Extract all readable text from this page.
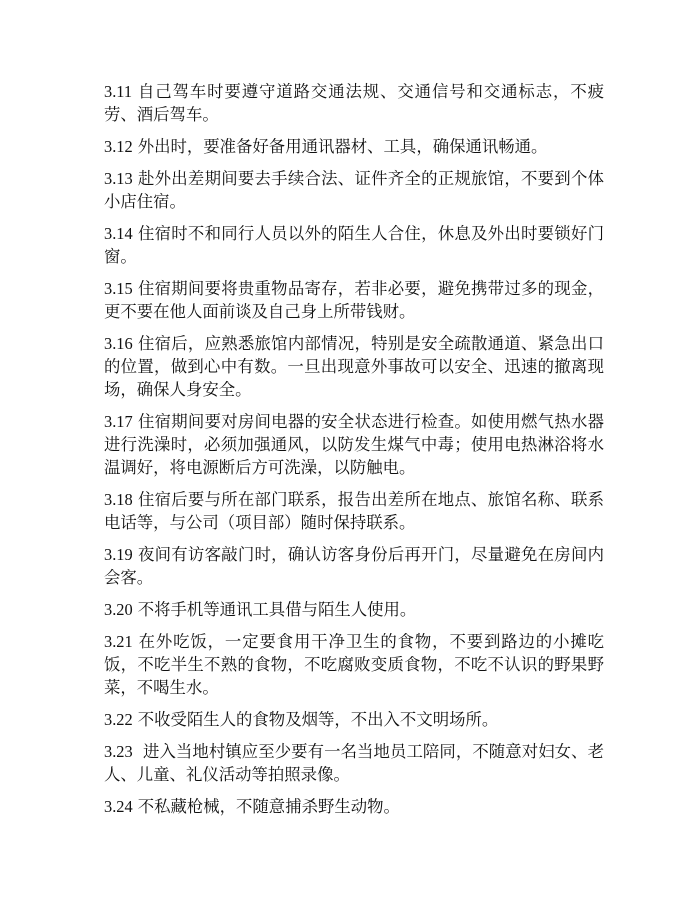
3.11 自己驾车时要遵守道路交通法规、交通信号和交通标志，不疲劳、酒后驾车。

3.12 外出时，要准备好备用通讯器材、工具，确保通讯畅通。

3.13 赴外出差期间要去手续合法、证件齐全的正规旅馆，不要到个体小店住宿。

3.14 住宿时不和同行人员以外的陌生人合住，休息及外出时要锁好门窗。

3.15 住宿期间要将贵重物品寄存，若非必要，避免携带过多的现金，更不要在他人面前谈及自己身上所带钱财。

3.16 住宿后，应熟悉旅馆内部情况，特别是安全疏散通道、紧急出口的位置，做到心中有数。一旦出现意外事故可以安全、迅速的撤离现场，确保人身安全。

3.17 住宿期间要对房间电器的安全状态进行检查。如使用燃气热水器进行洗澡时，必须加强通风，以防发生煤气中毒；使用电热淋浴将水温调好，将电源断后方可洗澡，以防触电。

3.18 住宿后要与所在部门联系，报告出差所在地点、旅馆名称、联系电话等，与公司（项目部）随时保持联系。

3.19 夜间有访客敲门时，确认访客身份后再开门，尽量避免在房间内会客。

3.20 不将手机等通讯工具借与陌生人使用。

3.21 在外吃饭，一定要食用干净卫生的食物，不要到路边的小摊吃饭，不吃半生不熟的食物，不吃腐败变质食物，不吃不认识的野果野菜，不喝生水。

3.22 不收受陌生人的食物及烟等，不出入不文明场所。

3.23 进入当地村镇应至少要有一名当地员工陪同，不随意对妇女、老人、儿童、礼仪活动等拍照录像。

3.24 不私藏枪械，不随意捕杀野生动物。
